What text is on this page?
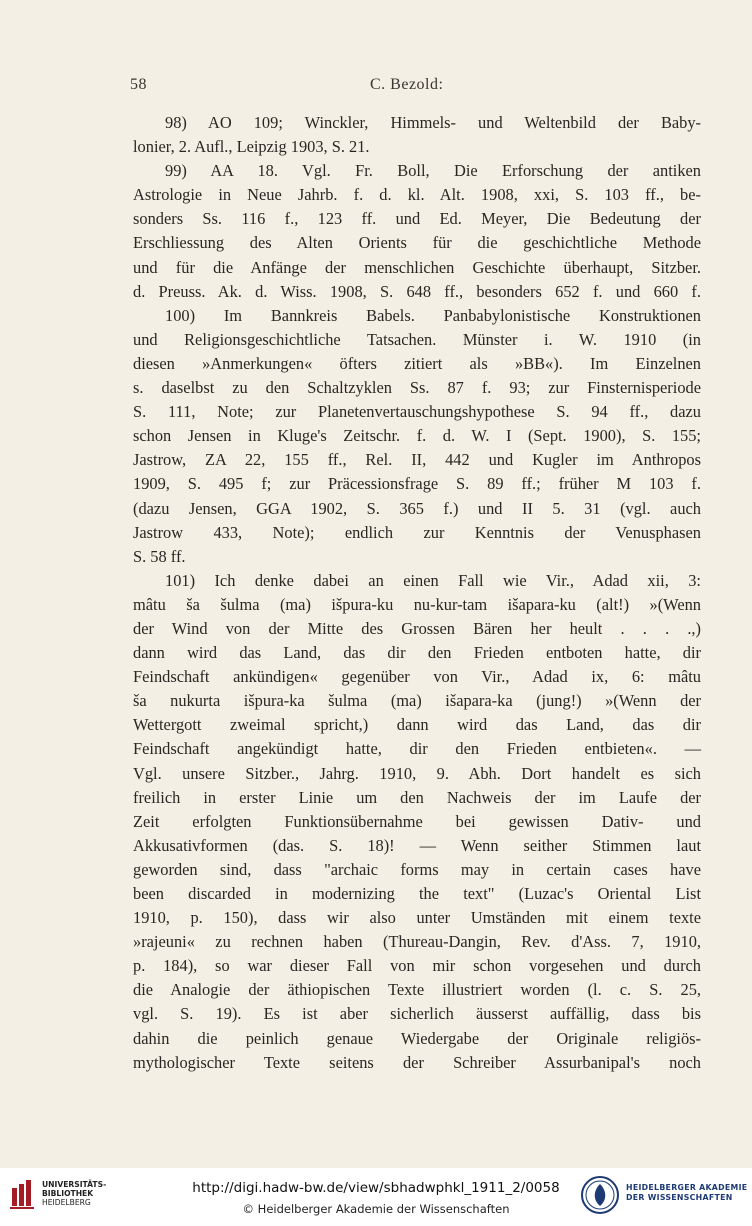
58	C. Bezold:
98) AO 109; Winckler, Himmels- und Weltenbild der Baby-
lonier, 2. Aufl., Leipzig 1903, S. 21.
99) AA 18. Vgl. Fr. Boll, Die Erforschung der antiken
Astrologie in Neue Jahrb. f. d. kl. Alt. 1908, xxi, S. 103 ff., be-
sonders Ss. 116 f., 123 ff. und Ed. Meyer, Die Bedeutung der
Erschliessung des Alten Orients für die geschichtliche Methode
und für die Anfänge der menschlichen Geschichte überhaupt, Sitzber.
d. Preuss. Ak. d. Wiss. 1908, S. 648 ff., besonders 652 f. und 660 f.
100) Im Bannkreis Babels. Panbabylonistische Konstruktionen
und Religionsgeschichtliche Tatsachen. Münster i. W. 1910 (in
diesen »Anmerkungen« öfters zitiert als »BB«). Im Einzelnen
s. daselbst zu den Schaltzyklen Ss. 87 f. 93; zur Finsternisperiode
S. 111, Note; zur Planetenvertauschungshypothese S. 94 ff., dazu
schon Jensen in Kluge's Zeitschr. f. d. W. I (Sept. 1900), S. 155;
Jastrow, ZA 22, 155 ff., Rel. II, 442 und Kugler im Anthropos
1909, S. 495 f; zur Präcessionsfrage S. 89 ff.; früher M 103 f.
(dazu Jensen, GGA 1902, S. 365 f.) und II 5. 31 (vgl. auch
Jastrow 433, Note); endlich zur Kenntnis der Venusphasen
S. 58 ff.
101) Ich denke dabei an einen Fall wie Vir., Adad xii, 3:
mâtu ša šulma (ma) išpura-ku nu-kur-tam išapara-ku (alt!) »(Wenn
der Wind von der Mitte des Grossen Bären her heult . . . .,)
dann wird das Land, das dir den Frieden entboten hatte, dir
Feindschaft ankündigen« gegenüber von Vir., Adad ix, 6: mâtu
ša nukurta išpura-ka šulma (ma) išapara-ka (jung!) »(Wenn der
Wettergott zweimal spricht,) dann wird das Land, das dir
Feindschaft angekündigt hatte, dir den Frieden entbieten«. —
Vgl. unsere Sitzber., Jahrg. 1910, 9. Abh. Dort handelt es sich
freilich in erster Linie um den Nachweis der im Laufe der
Zeit erfolgten Funktionsübernahme bei gewissen Dativ- und
Akkusativformen (das. S. 18)! — Wenn seither Stimmen laut
geworden sind, dass "archaic forms may in certain cases have
been discarded in modernizing the text" (Luzac's Oriental List
1910, p. 150), dass wir also unter Umständen mit einem texte
»rajeuni« zu rechnen haben (Thureau-Dangin, Rev. d'Ass. 7, 1910,
p. 184), so war dieser Fall von mir schon vorgesehen und durch
die Analogie der äthiopischen Texte illustriert worden (l. c. S. 25,
vgl. S. 19). Es ist aber sicherlich äusserst auffällig, dass bis
dahin die peinlich genaue Wiedergabe der Originale religiös-
mythologischer Texte seitens der Schreiber Assurbanipal's noch
UNIVERSITÄTS-
BIBLIOTHEK
HEIDELBERG
http://digi.hadw-bw.de/view/sbhadwphkl_1911_2/0058
© Heidelberger Akademie der Wissenschaften
HEIDELBERGER AKADEMIE
DER WISSENSCHAFTEN
